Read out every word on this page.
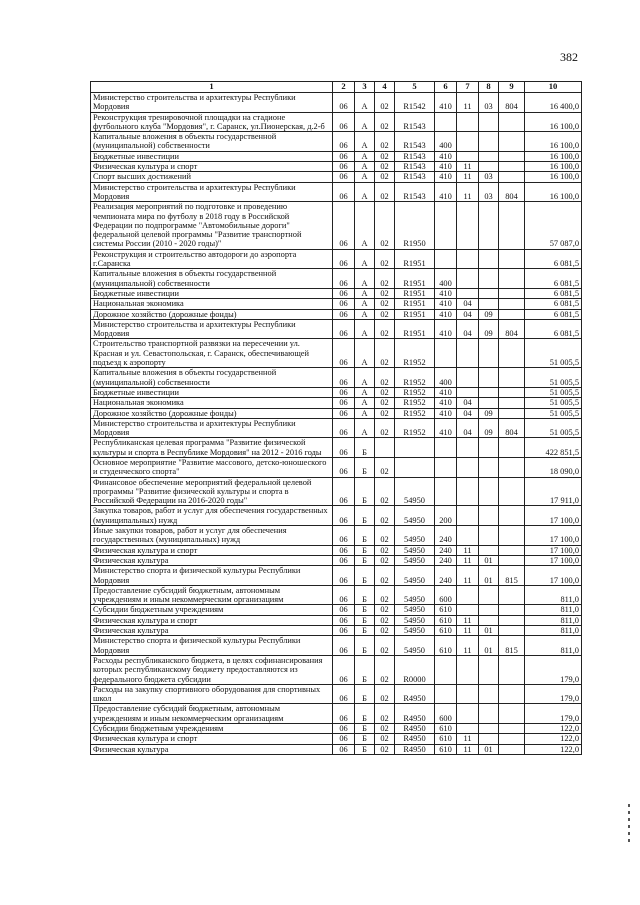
382
1	2	3	4	5	6	7	8	9	10
Министерство строительства и архитектуры Республики Мордовия	06	А	02	R1542	410	11	03	804	16 400,0
Реконструкция тренировочной площадки на стадионе футбольного клуба "Мордовия", г. Саранск, ул.Пионерская, д.2-б	06	А	02	R1543					16 100,0
Капитальные вложения в объекты государственной (муниципальной) собственности	06	А	02	R1543	400				16 100,0
Бюджетные инвестиции	06	А	02	R1543	410				16 100,0
Физическая культура и спорт	06	А	02	R1543	410	11			16 100,0
Спорт высших достижений	06	А	02	R1543	410	11	03		16 100,0
Министерство строительства и архитектуры Республики Мордовия	06	А	02	R1543	410	11	03	804	16 100,0
Реализация мероприятий по подготовке и проведению чемпионата мира по футболу в 2018 году в Российской Федерации по подпрограмме "Автомобильные дороги" федеральной целевой программы "Развитие транспортной системы России (2010 - 2020 годы)"	06	А	02	R1950					57 087,0
Реконструкция и строительство автодороги до аэропорта г.Саранска	06	А	02	R1951					6 081,5
Капитальные вложения в объекты государственной (муниципальной) собственности	06	А	02	R1951	400				6 081,5
Бюджетные инвестиции	06	А	02	R1951	410				6 081,5
Национальная экономика	06	А	02	R1951	410	04			6 081,5
Дорожное хозяйство (дорожные фонды)	06	А	02	R1951	410	04	09		6 081,5
Министерство строительства и архитектуры Республики Мордовия	06	А	02	R1951	410	04	09	804	6 081,5
Строительство транспортной развязки на пересечении ул. Красная и ул. Севастопольская, г. Саранск, обеспечивающей подъезд к аэропорту	06	А	02	R1952					51 005,5
Капитальные вложения в объекты государственной (муниципальной) собственности	06	А	02	R1952	400				51 005,5
Бюджетные инвестиции	06	А	02	R1952	410				51 005,5
Национальная экономика	06	А	02	R1952	410	04			51 005,5
Дорожное хозяйство (дорожные фонды)	06	А	02	R1952	410	04	09		51 005,5
Министерство строительства и архитектуры Республики Мордовия	06	А	02	R1952	410	04	09	804	51 005,5
Республиканская целевая программа "Развитие физической культуры и спорта в Республике Мордовия" на 2012 - 2016 годы	06	Б							422 851,5
Основное мероприятие "Развитие массового, детско-юношеского и студенческого спорта"	06	Б	02						18 090,0
Финансовое обеспечение мероприятий федеральной целевой программы "Развитие физической культуры и спорта в Российской Федерации на 2016-2020 годы"	06	Б	02	54950					17 911,0
Закупка товаров, работ и услуг для обеспечения государственных (муниципальных) нужд	06	Б	02	54950	200				17 100,0
Иные закупки товаров, работ и услуг для обеспечения государственных (муниципальных) нужд	06	Б	02	54950	240				17 100,0
Физическая культура и спорт	06	Б	02	54950	240	11			17 100,0
Физическая культура	06	Б	02	54950	240	11	01		17 100,0
Министерство спорта и физической культуры Республики Мордовия	06	Б	02	54950	240	11	01	815	17 100,0
Предоставление субсидий бюджетным, автономным учреждениям и иным некоммерческим организациям	06	Б	02	54950	600				811,0
Субсидии бюджетным учреждениям	06	Б	02	54950	610				811,0
Физическая культура и спорт	06	Б	02	54950	610	11			811,0
Физическая культура	06	Б	02	54950	610	11	01		811,0
Министерство спорта и физической культуры Республики Мордовия	06	Б	02	54950	610	11	01	815	811,0
Расходы республиканского бюджета, в целях софинансирования которых республиканскому бюджету предоставляются из федерального бюджета субсидии	06	Б	02	R0000					179,0
Расходы на закупку спортивного оборудования для спортивных школ	06	Б	02	R4950					179,0
Предоставление субсидий бюджетным, автономным учреждениям и иным некоммерческим организациям	06	Б	02	R4950	600				179,0
Субсидии бюджетным учреждениям	06	Б	02	R4950	610				122,0
Физическая культура и спорт	06	Б	02	R4950	610	11			122,0
Физическая культура	06	Б	02	R4950	610	11	01		122,0
